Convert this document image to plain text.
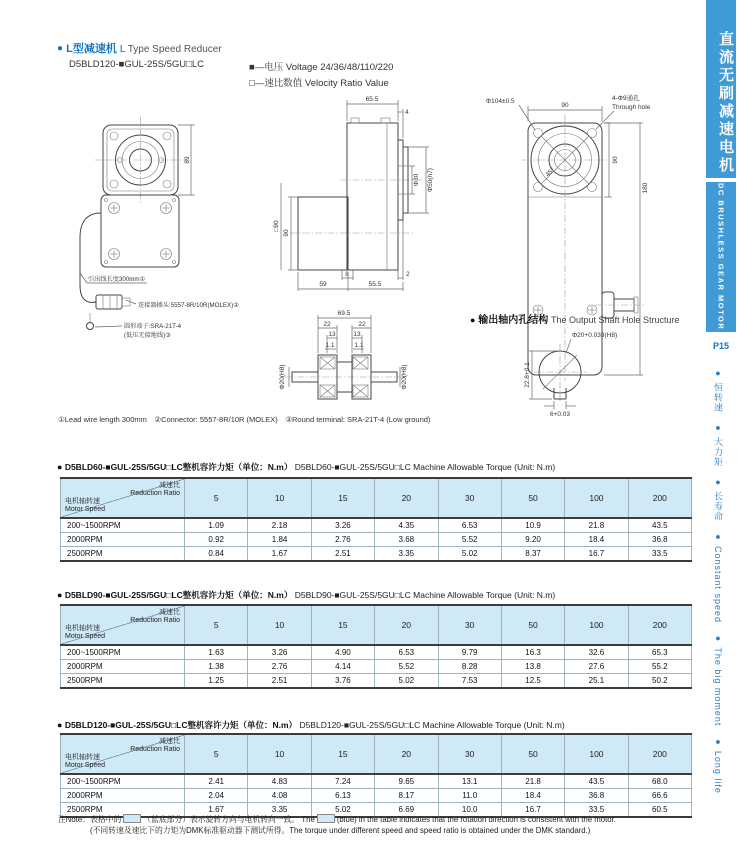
● L型减速机 L Type Speed Reducer
D5BLD120-■GUL-25S/5GU□LC	■—电压 Voltage 24/36/48/110/220
□—速比数值 Velocity Ratio Value	直流无刷减速电机
DC BRUSHLESS GEAR MOTOR
P15
● 恒转速　● 大力矩　● 长寿命　● Constant speed　● The big moment　● Long life
89
引出线长度300mm①
连接器插头:5557-8R/10R(MOLEX)②
圆形端子:SRA-21T-4
(低压无接地线)③
65.5
4
Φ30 Φ50(h7)
90
□90
8	2
59	55.5
45°
Φ104±0.5
90
4-Φ9通孔
Through hole
90
180
69.5
22	22
13	13
1.1	1.1
Φ20(H8)	Φ20(H8)
Φ20+0.033(H8)
22.8+0.1
6+0.03
● 输出轴内孔结构 The Output Shaft Hole Structure
①Lead wire length 300mm　②Connector: 5557-8R/10R (MOLEX)　③Round terminal: SRA-21T-4 (Low ground)
● D5BLD60-■GUL-25S/5GU□LC整机容许力矩（单位：N.m） D5BLD60-■GUL-25S/5GU□LC Machine Allowable Torque (Unit: N.m)
减速比
Reduction Ratio
电机轴转速
Motor Speed	5	10	15	20	30	50	100	200
200~1500RPM	1.09	2.18	3.26	4.35	6.53	10.9	21.8	43.5
2000RPM	0.92	1.84	2.76	3.68	5.52	9.20	18.4	36.8
2500RPM	0.84	1.67	2.51	3.35	5.02	8.37	16.7	33.5
● D5BLD90-■GUL-25S/5GU□LC整机容许力矩（单位：N.m） D5BLD90-■GUL-25S/5GU□LC Machine Allowable Torque (Unit: N.m)
减速比
Reduction Ratio
电机轴转速
Motor Speed	5	10	15	20	30	50	100	200
200~1500RPM	1.63	3.26	4.90	6.53	9.79	16.3	32.6	65.3
2000RPM	1.38	2.76	4.14	5.52	8.28	13.8	27.6	55.2
2500RPM	1.25	2.51	3.76	5.02	7.53	12.5	25.1	50.2
● D5BLD120-■GUL-25S/5GU□LC整机容许力矩（单位：N.m） D5BLD120-■GUL-25S/5GU□LC Machine Allowable Torque (Unit: N.m)
减速比
Reduction Ratio
电机轴转速
Motor Speed	5	10	15	20	30	50	100	200
200~1500RPM	2.41	4.83	7.24	9.65	13.1	21.8	43.5	68.0
2000RPM	2.04	4.08	6.13	8.17	11.0	18.4	36.8	66.6
2500RPM	1.67	3.35	5.02	6.69	10.0	16.7	33.5	60.5
注Note：表格中的	（蓝底部分）表示旋转方向与电机转向一致。 The	(blue) in the table indicates that the rotation direction is consistent with the motor.
(不同转速及速比下的力矩为DMK标准驱动器下测试所得。The torque under different speed and speed ratio is obtained under the DMK standard.)
